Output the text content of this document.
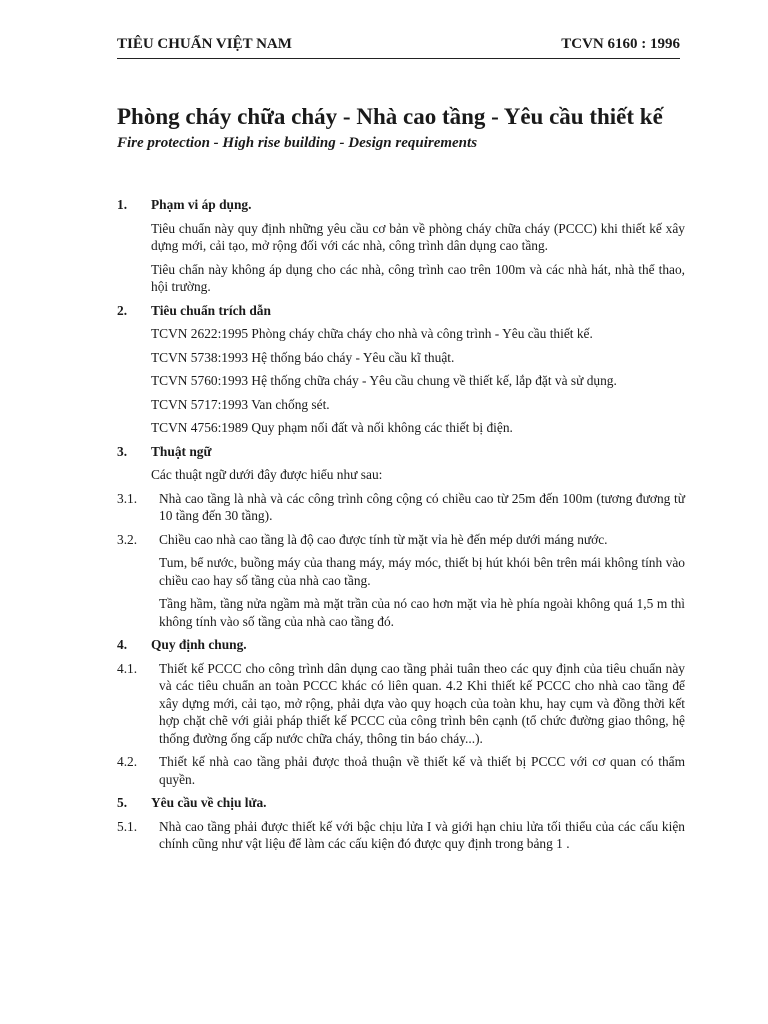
TIÊU CHUẨN VIỆT NAM	TCVN 6160 : 1996
Phòng cháy chữa cháy - Nhà cao tầng - Yêu cầu thiết kế
Fire protection - High rise building - Design requirements
1.	Phạm vi áp dụng.
Tiêu chuẩn này quy định những yêu cầu cơ bản về phòng cháy chữa cháy (PCCC) khi thiết kế xây dựng mới, cải tạo, mở rộng đối với các nhà, công trình dân dụng cao tầng.
Tiêu chẩn này không áp dụng cho các nhà, công trình cao trên 100m và các nhà hát, nhà thể thao, hội trường.
2.	Tiêu chuẩn trích dẫn
TCVN 2622:1995 Phòng cháy chữa cháy cho nhà và công trình - Yêu cầu thiết kế.
TCVN 5738:1993 Hệ thống báo cháy - Yêu cầu kĩ thuật.
TCVN 5760:1993 Hệ thống chữa cháy - Yêu cầu chung về thiết kế, lắp đặt và sử dụng.
TCVN 5717:1993 Van chống sét.
TCVN 4756:1989 Quy phạm nối đất và nối không các thiết bị điện.
3.	Thuật ngữ
Các thuật ngữ dưới đây được hiểu như sau:
3.1.	Nhà cao tầng là nhà và các công trình công cộng có chiều cao từ 25m đến 100m (tương đương từ 10 tầng đến 30 tầng).
3.2.	Chiều cao nhà cao tầng là độ cao được tính từ mặt vỉa hè đến mép dưới máng nước.
Tum, bể nước, buồng máy của thang máy, máy móc, thiết bị hút khói bên trên mái không tính vào chiều cao hay số tầng của nhà cao tầng.
Tầng hầm, tầng nửa ngầm mà mặt trần của nó cao hơn mặt vỉa hè phía ngoài không quá 1,5 m thì không tính vào số tầng của nhà cao tầng đó.
4.	Quy định chung.
4.1.	Thiết kế PCCC cho công trình dân dụng cao tầng phải tuân theo các quy định của tiêu chuẩn này và các tiêu chuẩn an toàn PCCC khác có liên quan. 4.2 Khi thiết kế PCCC cho nhà cao tầng để xây dựng mới, cải tạo, mở rộng, phải dựa vào quy hoạch của toàn khu, hay cụm và đồng thời kết hợp chặt chẽ với giải pháp thiết kế PCCC của công trình bên cạnh (tổ chức đường giao thông, hệ thống đường ống cấp nước chữa cháy, thông tin báo cháy...).
4.2.	Thiết kế nhà cao tầng phải được thoả thuận về thiết kế và thiết bị PCCC với cơ quan có thẩm quyền.
5.	Yêu cầu về chịu lửa.
5.1.	Nhà cao tầng phải được thiết kế với bậc chịu lửa I và giới hạn chiu lửa tối thiểu của các cấu kiện chính cũng như vật liệu để làm các cấu kiện đó được quy định trong bảng 1 .
